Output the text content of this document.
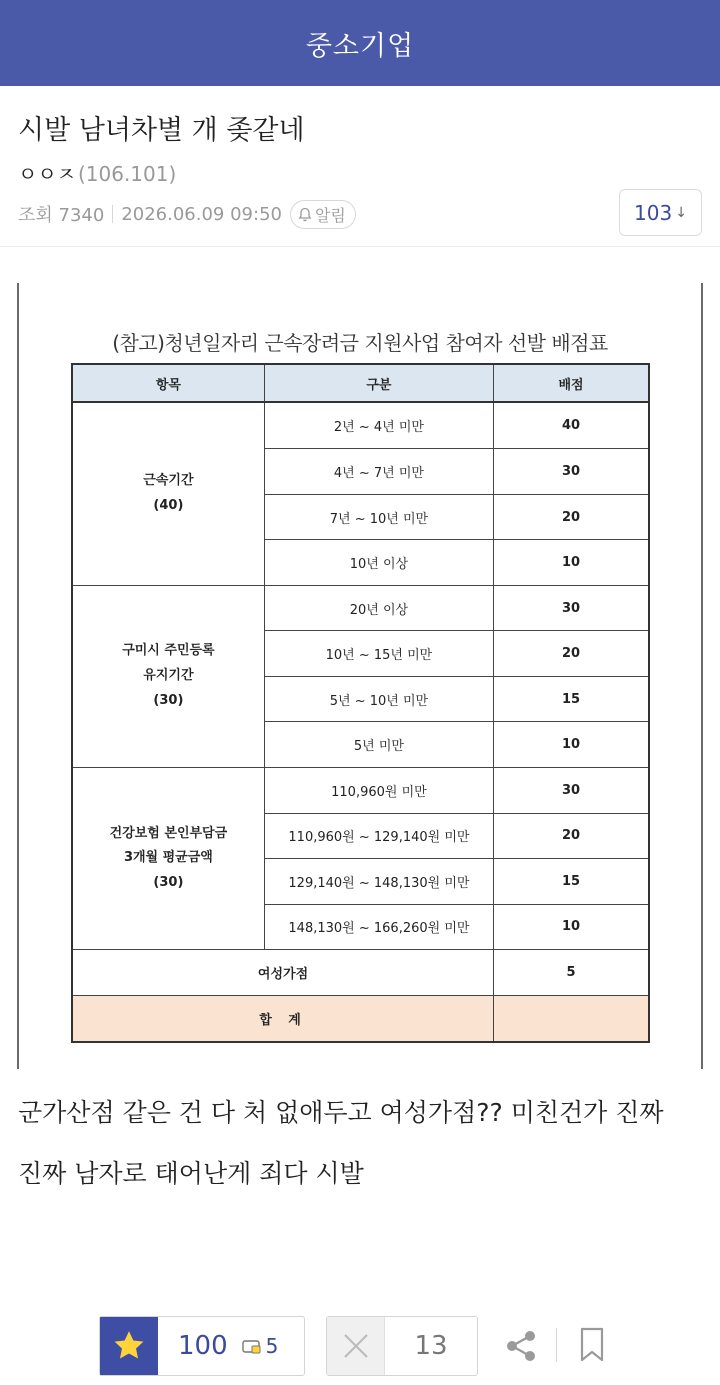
중소기업
시발 남녀차별 개 좆같네
ㅇㅇㅈ (106.101)
조회 7340 2026.06.09 09:50 알림	103 ↓
(참고)청년일자리 근속장려금 지원사업 참여자 선발 배점표
항목	구분	배점

근속기간
(40)	2년 ~ 4년 미만	40
	4년 ~ 7년 미만	30
	7년 ~ 10년 미만	20
	10년 이상	10

구미시 주민등록
유지기간
(30)	20년 이상	30
	10년 ~ 15년 미만	20
	5년 ~ 10년 미만	15
	5년 미만	10

건강보험 본인부담금
3개월 평균금액
(30)	110,960원 미만	30
	110,960원 ~ 129,140원 미만	20
	129,140원 ~ 148,130원 미만	15
	148,130원 ~ 166,260원 미만	10
여성가점		5
합 계		

군가산점 같은 건 다 처 없애두고 여성가점?? 미친건가 진짜

진짜 남자로 태어난게 죄다 시발

100 5	13
